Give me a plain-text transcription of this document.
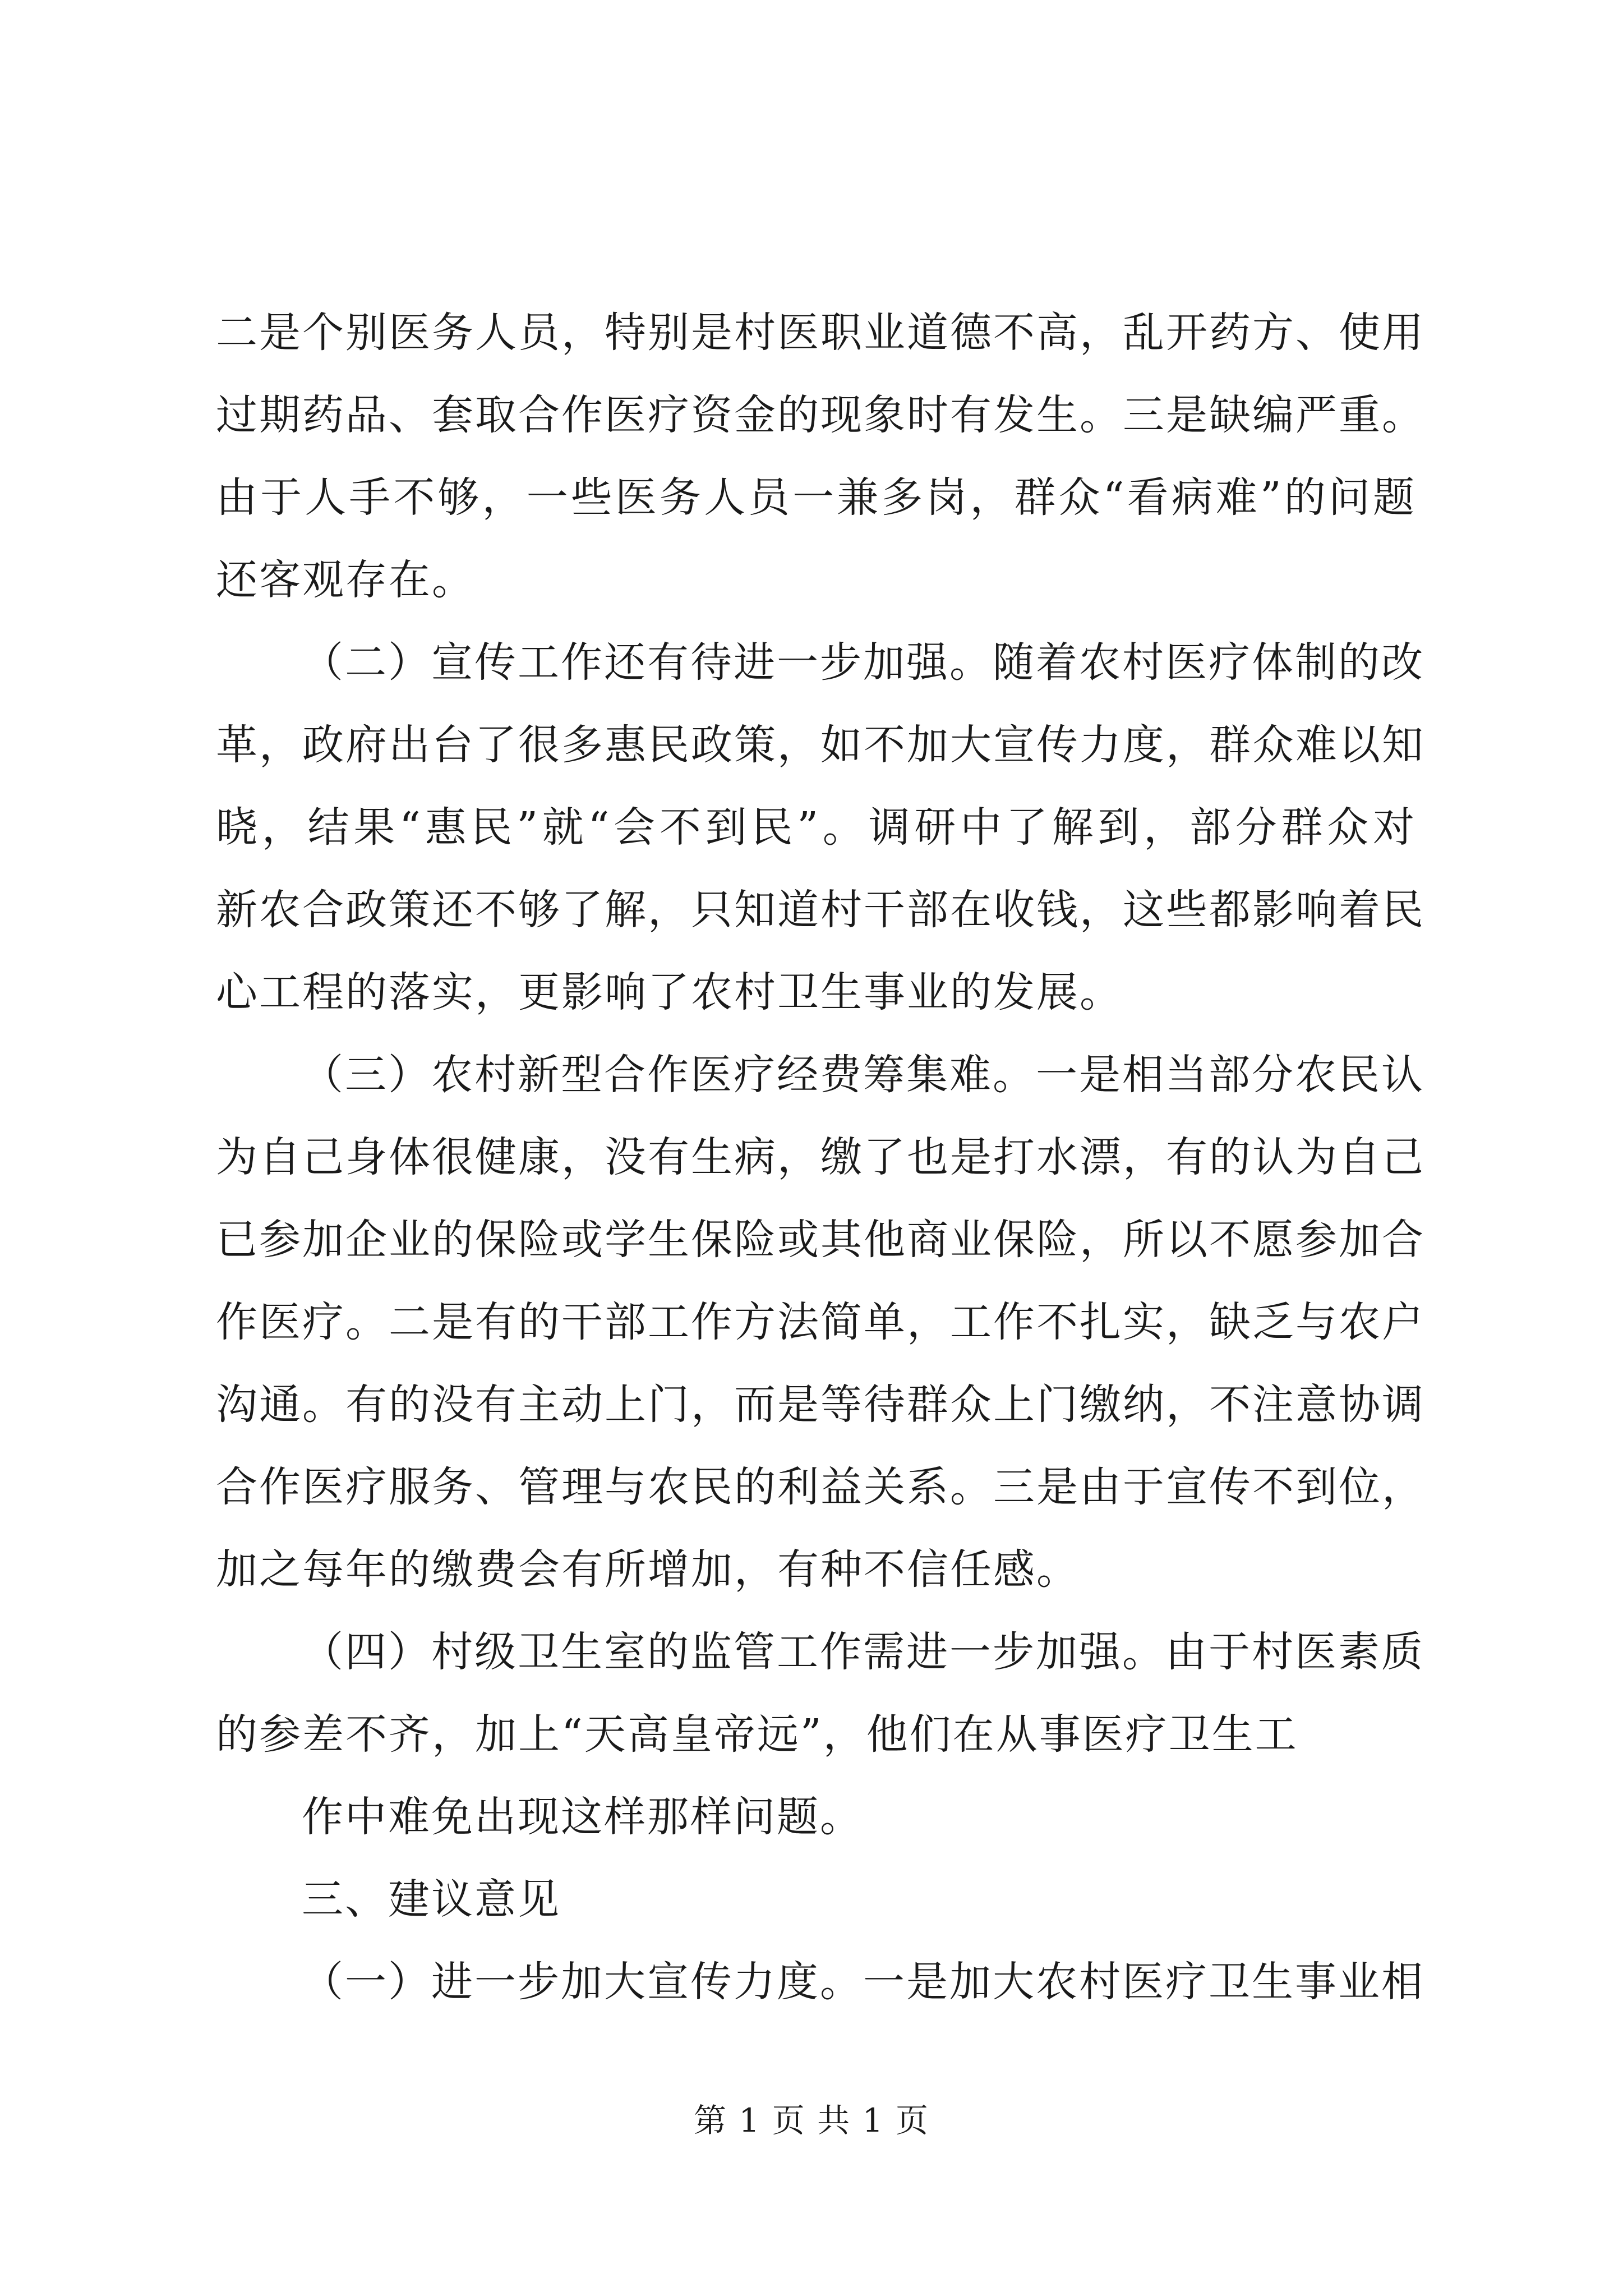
二是个别医务人员，特别是村医职业道德不高，乱开药方、使用
过期药品、套取合作医疗资金的现象时有发生。三是缺编严重。
由于人手不够，一些医务人员一兼多岗，群众“看病难”的问题
还客观存在。
（二）宣传工作还有待进一步加强。随着农村医疗体制的改
革，政府出台了很多惠民政策，如不加大宣传力度，群众难以知
晓，结果“惠民”就“会不到民”。调研中了解到，部分群众对
新农合政策还不够了解，只知道村干部在收钱，这些都影响着民
心工程的落实，更影响了农村卫生事业的发展。
（三）农村新型合作医疗经费筹集难。一是相当部分农民认
为自己身体很健康，没有生病，缴了也是打水漂，有的认为自己
已参加企业的保险或学生保险或其他商业保险，所以不愿参加合
作医疗。二是有的干部工作方法简单，工作不扎实，缺乏与农户
沟通。有的没有主动上门，而是等待群众上门缴纳，不注意协调
合作医疗服务、管理与农民的利益关系。三是由于宣传不到位，
加之每年的缴费会有所增加，有种不信任感。
（四）村级卫生室的监管工作需进一步加强。由于村医素质
的参差不齐，加上“天高皇帝远”，他们在从事医疗卫生工
作中难免出现这样那样问题。
三、建议意见
（一）进一步加大宣传力度。一是加大农村医疗卫生事业相
第 1 页 共 1 页
